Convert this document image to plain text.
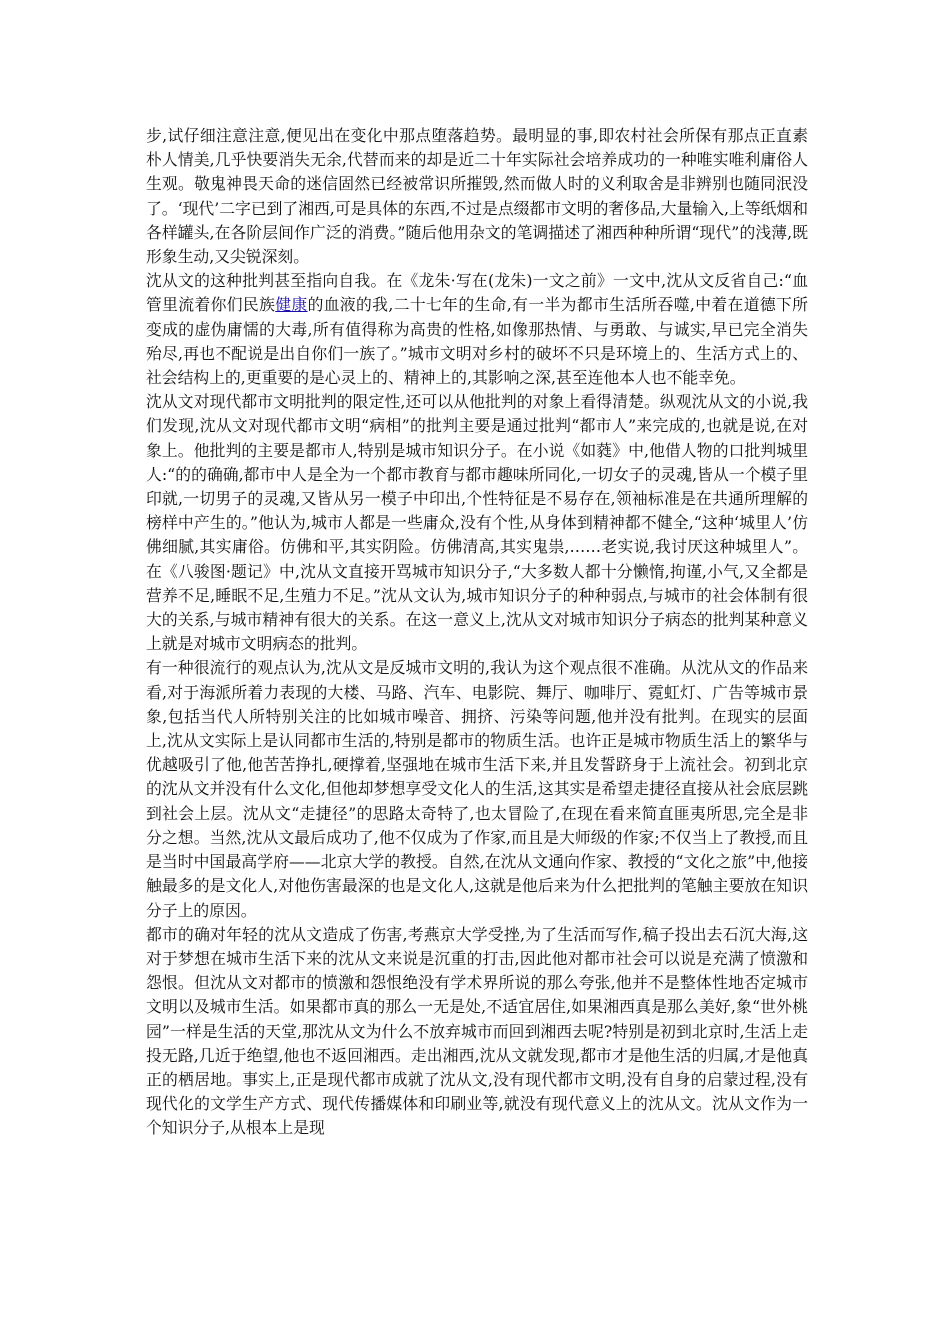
步,试仔细注意注意,便见出在变化中那点堕落趋势。最明显的事,即农村社会所保有那点正直素朴人情美,几乎快要消失无余,代替而来的却是近二十年实际社会培养成功的一种唯实唯利庸俗人生观。敬鬼神畏天命的迷信固然已经被常识所摧毁,然而做人时的义利取舍是非辨别也随同泯没了。‘现代’二字已到了湘西,可是具体的东西,不过是点缀都市文明的奢侈品,大量输入,上等纸烟和各样罐头,在各阶层间作广泛的消费。”随后他用杂文的笔调描述了湘西种种所谓“现代”的浅薄,既形象生动,又尖锐深刻。

沈从文的这种批判甚至指向自我。在《龙朱·写在(龙朱)一文之前》一文中,沈从文反省自己:“血管里流着你们民族健康的血液的我,二十七年的生命,有一半为都市生活所吞噬,中着在道德下所变成的虚伪庸懦的大毒,所有值得称为高贵的性格,如像那热情、与勇敢、与诚实,早已完全消失殆尽,再也不配说是出自你们一族了。”城市文明对乡村的破坏不只是环境上的、生活方式上的、社会结构上的,更重要的是心灵上的、精神上的,其影响之深,甚至连他本人也不能幸免。

沈从文对现代都市文明批判的限定性,还可以从他批判的对象上看得清楚。纵观沈从文的小说,我们发现,沈从文对现代都市文明“病相”的批判主要是通过批判“都市人”来完成的,也就是说,在对象上。他批判的主要是都市人,特别是城市知识分子。在小说《如蕤》中,他借人物的口批判城里人:“的的确确,都市中人是全为一个都市教育与都市趣味所同化,一切女子的灵魂,皆从一个模子里印就,一切男子的灵魂,又皆从另一模子中印出,个性特征是不易存在,领袖标准是在共通所理解的榜样中产生的。”他认为,城市人都是一些庸众,没有个性,从身体到精神都不健全,“这种‘城里人’仿佛细腻,其实庸俗。仿佛和平,其实阴险。仿佛清高,其实鬼祟,……老实说,我讨厌这种城里人”。在《八骏图·题记》中,沈从文直接开骂城市知识分子,“大多数人都十分懒惰,拘谨,小气,又全都是营养不足,睡眠不足,生殖力不足。”沈从文认为,城市知识分子的种种弱点,与城市的社会体制有很大的关系,与城市精神有很大的关系。在这一意义上,沈从文对城市知识分子病态的批判某种意义上就是对城市文明病态的批判。

有一种很流行的观点认为,沈从文是反城市文明的,我认为这个观点很不准确。从沈从文的作品来看,对于海派所着力表现的大楼、马路、汽车、电影院、舞厅、咖啡厅、霓虹灯、广告等城市景象,包括当代人所特别关注的比如城市噪音、拥挤、污染等问题,他并没有批判。在现实的层面上,沈从文实际上是认同都市生活的,特别是都市的物质生活。也许正是城市物质生活上的繁华与优越吸引了他,他苦苦挣扎,硬撑着,坚强地在城市生活下来,并且发誓跻身于上流社会。初到北京的沈从文并没有什么文化,但他却梦想享受文化人的生活,这其实是希望走捷径直接从社会底层跳到社会上层。沈从文“走捷径”的思路太奇特了,也太冒险了,在现在看来简直匪夷所思,完全是非分之想。当然,沈从文最后成功了,他不仅成为了作家,而且是大师级的作家;不仅当上了教授,而且是当时中国最高学府——北京大学的教授。自然,在沈从文通向作家、教授的“文化之旅”中,他接触最多的是文化人,对他伤害最深的也是文化人,这就是他后来为什么把批判的笔触主要放在知识分子上的原因。

都市的确对年轻的沈从文造成了伤害,考燕京大学受挫,为了生活而写作,稿子投出去石沉大海,这对于梦想在城市生活下来的沈从文来说是沉重的打击,因此他对都市社会可以说是充满了愤激和怨恨。但沈从文对都市的愤激和怨恨绝没有学术界所说的那么夸张,他并不是整体性地否定城市文明以及城市生活。如果都市真的那么一无是处,不适宜居住,如果湘西真是那么美好,象“世外桃园”一样是生活的天堂,那沈从文为什么不放弃城市而回到湘西去呢?特别是初到北京时,生活上走投无路,几近于绝望,他也不返回湘西。走出湘西,沈从文就发现,都市才是他生活的归属,才是他真正的栖居地。事实上,正是现代都市成就了沈从文,没有现代都市文明,没有自身的启蒙过程,没有现代化的文学生产方式、现代传播媒体和印刷业等,就没有现代意义上的沈从文。沈从文作为一个知识分子,从根本上是现
